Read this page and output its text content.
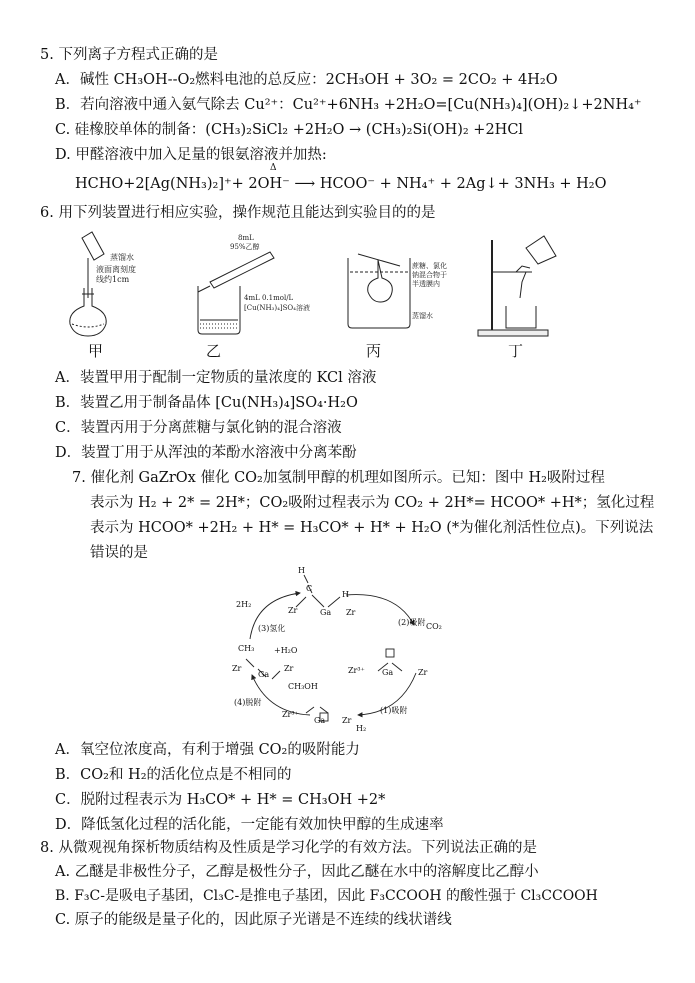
5. 下列离子方程式正确的是
A．碱性 CH₃OH--O₂燃料电池的总反应：2CH₃OH + 3O₂ = 2CO₂ + 4H₂O
B．若向溶液中通入氨气除去 Cu²⁺：Cu²⁺+6NH₃ +2H₂O=[Cu(NH₃)₄](OH)₂↓+2NH₄⁺
C. 硅橡胶单体的制备：(CH₃)₂SiCl₂ +2H₂O → (CH₃)₂Si(OH)₂ +2HCl
D. 甲醛溶液中加入足量的银氨溶液并加热:
HCHO+2[Ag(NH₃)₂]⁺+ 2OH⁻ ⟶ HCOO⁻ + NH₄⁺ + 2Ag↓+ 3NH₃ + H₂O
Δ
6. 用下列装置进行相应实验，操作规范且能达到实验目的的是
蒸馏水
液面离刻度
线约1cm
8mL
95%乙醇
4mL 0.1mol/L
[Cu(NH₃)₄]SO₄溶液
蔗糖、氯化
钠混合物于
半透膜内
蒸馏水
甲	乙	丙	丁
A．装置甲用于配制一定物质的量浓度的 KCl 溶液
B．装置乙用于制备晶体 [Cu(NH₃)₄]SO₄·H₂O
C．装置丙用于分离蔗糖与氯化钠的混合溶液
D．装置丁用于从浑浊的苯酚水溶液中分离苯酚
7. 催化剂 GaZrOx 催化 CO₂加氢制甲醇的机理如图所示。已知：图中 H₂吸附过程
表示为 H₂ + 2* = 2H*；CO₂吸附过程表示为 CO₂ + 2H*= HCOO* +H*；氢化过程
表示为 HCOO* +2H₂ + H* = H₃CO* + H* + H₂O (*为催化剂活性位点)。下列说法
错误的是
H
C
Zr	Ga
H
Zr
2H₂
(3)氢化
CH₃
Zr
Ga
Zr
+H₂O
CH₃OH
(4)脱附
(2)吸附 CO₂
Zr³⁺ Ga	Zr
(1)吸附
Zr³⁺
Ga Zr
H₂
A．氧空位浓度高，有利于增强 CO₂的吸附能力
B．CO₂和 H₂的活化位点是不相同的
C．脱附过程表示为 H₃CO* + H* = CH₃OH +2*
D．降低氢化过程的活化能，一定能有效加快甲醇的生成速率
8. 从微观视角探析物质结构及性质是学习化学的有效方法。下列说法正确的是
A. 乙醚是非极性分子，乙醇是极性分子，因此乙醚在水中的溶解度比乙醇小
B. F₃C-是吸电子基团，Cl₃C-是推电子基团，因此 F₃CCOOH 的酸性强于 Cl₃CCOOH
C. 原子的能级是量子化的，因此原子光谱是不连续的线状谱线
